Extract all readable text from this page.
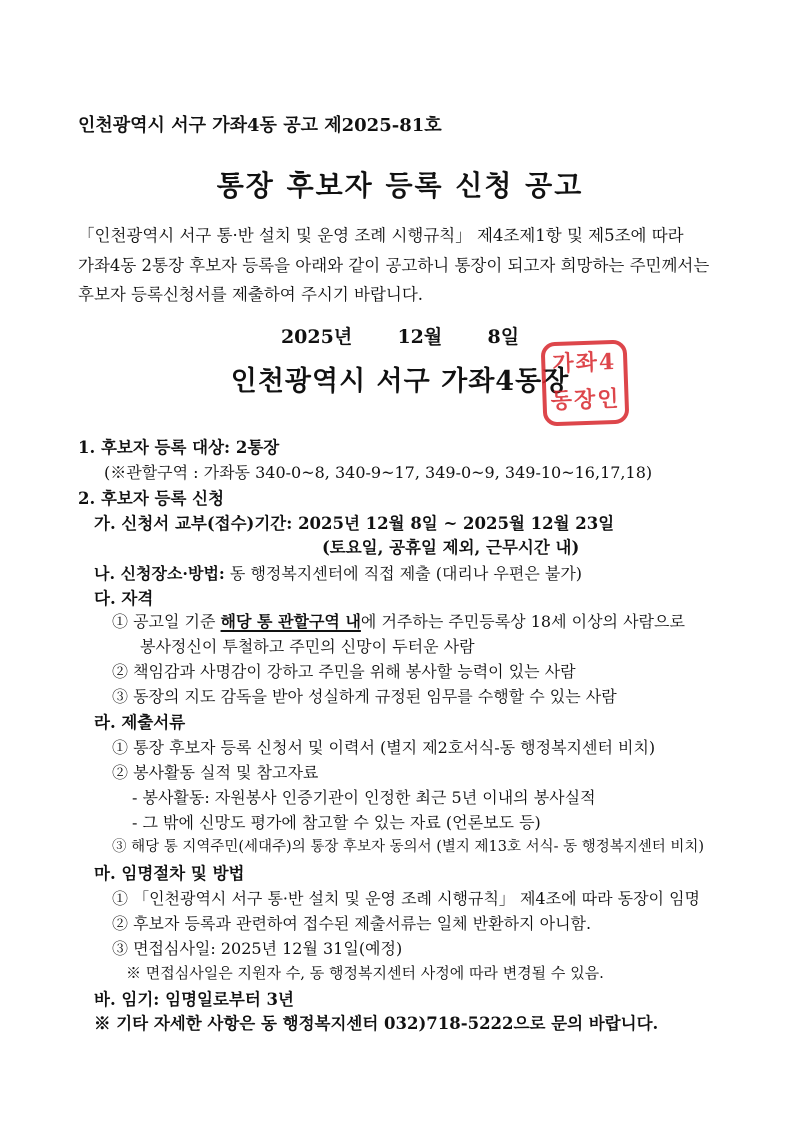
인천광역시 서구 가좌4동 공고 제2025-81호
통장 후보자 등록 신청 공고
「인천광역시 서구 통·반 설치 및 운영 조례 시행규칙」 제4조제1항 및 제5조에 따라
가좌4동 2통장 후보자 등록을 아래와 같이 공고하니 통장이 되고자 희망하는 주민께서는
후보자 등록신청서를 제출하여 주시기 바랍니다.
2025년 12월 8일
인천광역시 서구 가좌4동장
가좌4
동장인
1. 후보자 등록 대상: 2통장
(※관할구역 : 가좌동 340-0~8, 340-9~17, 349-0~9, 349-10~16,17,18)
2. 후보자 등록 신청
가. 신청서 교부(접수)기간: 2025년 12월 8일 ~ 2025월 12월 23일
(토요일, 공휴일 제외, 근무시간 내)
나. 신청장소·방법: 동 행정복지센터에 직접 제출 (대리나 우편은 불가)
다. 자격
① 공고일 기준 해당 통 관할구역 내에 거주하는 주민등록상 18세 이상의 사람으로
봉사정신이 투철하고 주민의 신망이 두터운 사람
② 책임감과 사명감이 강하고 주민을 위해 봉사할 능력이 있는 사람
③ 동장의 지도 감독을 받아 성실하게 규정된 임무를 수행할 수 있는 사람
라. 제출서류
① 통장 후보자 등록 신청서 및 이력서 (별지 제2호서식-동 행정복지센터 비치)
② 봉사활동 실적 및 참고자료
- 봉사활동: 자원봉사 인증기관이 인정한 최근 5년 이내의 봉사실적
- 그 밖에 신망도 평가에 참고할 수 있는 자료 (언론보도 등)
③ 해당 통 지역주민(세대주)의 통장 후보자 동의서 (별지 제13호 서식- 동 행정복지센터 비치)
마. 임명절차 및 방법
① 「인천광역시 서구 통·반 설치 및 운영 조례 시행규칙」 제4조에 따라 동장이 임명
② 후보자 등록과 관련하여 접수된 제출서류는 일체 반환하지 아니함.
③ 면접심사일: 2025년 12월 31일(예정)
※ 면접심사일은 지원자 수, 동 행정복지센터 사정에 따라 변경될 수 있음.
바. 임기: 임명일로부터 3년
※ 기타 자세한 사항은 동 행정복지센터 032)718-5222으로 문의 바랍니다.
